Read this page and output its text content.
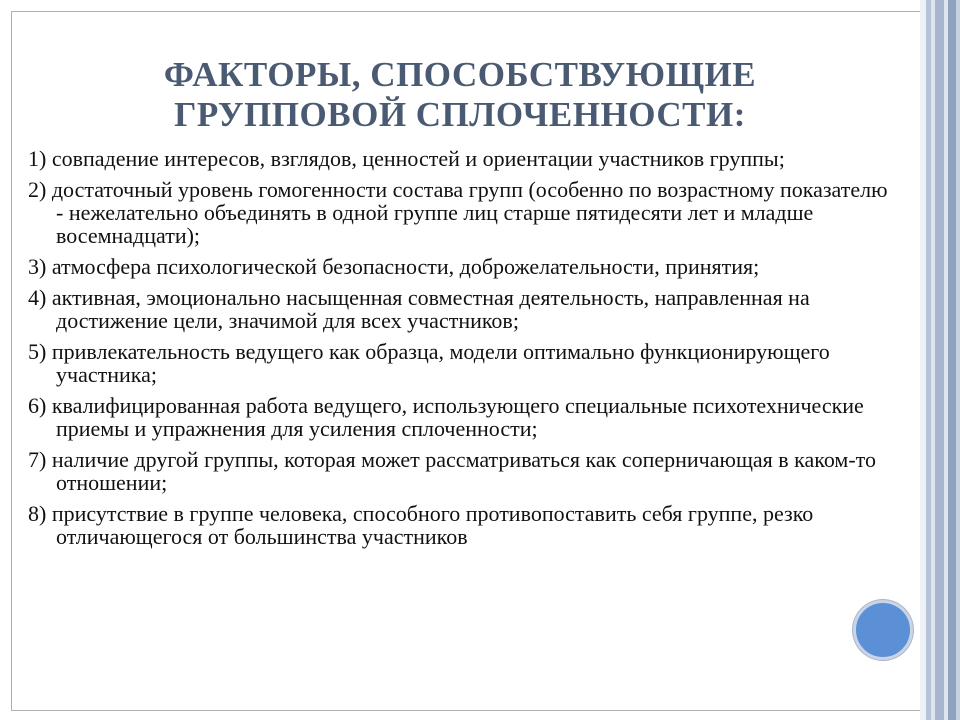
ФАКТОРЫ, СПОСОБСТВУЮЩИЕ
ГРУППОВОЙ СПЛОЧЕННОСТИ:
1) совпадение интересов, взглядов, ценностей и ориентации участников группы;
2) достаточный уровень гомогенности состава групп (особенно по возрастному показателю - нежелательно объединять в одной группе лиц старше пятидесяти лет и младше восемнадцати);
3) атмосфера психологической безопасности, доброжелательности, принятия;
4) активная, эмоционально насыщенная совместная деятельность, направленная на достижение цели, значимой для всех участников;
5) привлекательность ведущего как образца, модели оптимально функционирующего участника;
6) квалифицированная работа ведущего, использующего специальные психотехнические приемы и упражнения для усиления сплоченности;
7) наличие другой группы, которая может рассматриваться как соперничающая в каком-то отношении;
8) присутствие в группе человека, способного противопоставить себя группе, резко отличающегося от большинства участников
